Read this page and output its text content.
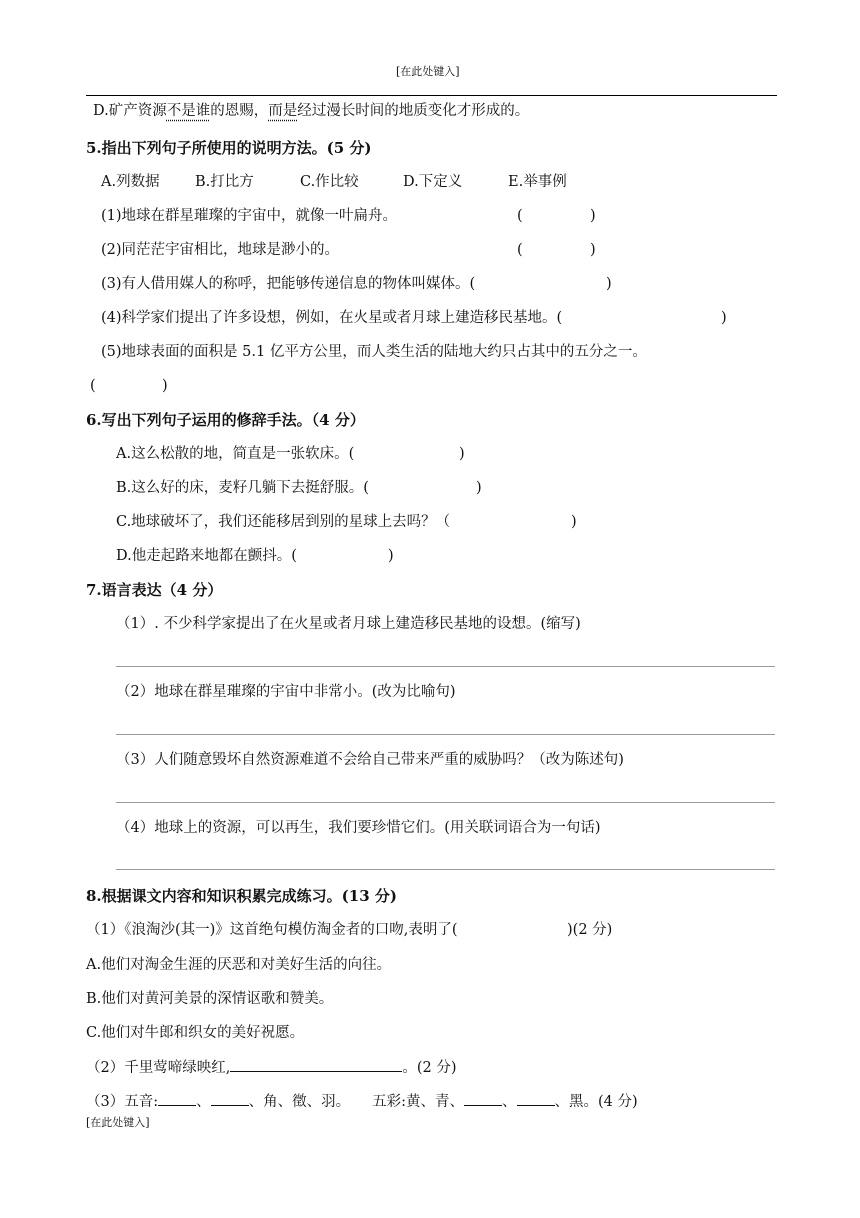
[在此处键入]
D.矿产资源不是谁的恩赐，而是经过漫长时间的地质变化才形成的。
5.指出下列句子所使用的说明方法。(5 分)
A.列数据 B.打比方	C.作比较	D.下定义	E.举事例
(1)地球在群星璀璨的宇宙中，就像一叶扁舟。	(	)
(2)同茫茫宇宙相比，地球是渺小的。	(	)
(3)有人借用媒人的称呼，把能够传递信息的物体叫媒体。(	)
(4)科学家们提出了许多设想，例如，在火星或者月球上建造移民基地。(	)
(5)地球表面的面积是 5.1 亿平方公里，而人类生活的陆地大约只占其中的五分之一。
(	)
6.写出下列句子运用的修辞手法。（4 分）
A.这么松散的地，简直是一张软床。(	)
B.这么好的床，麦籽几躺下去挺舒服。(	)
C.地球破坏了，我们还能移居到别的星球上去吗？（	)
D.他走起路来地都在颤抖。(	)
7.语言表达（4 分）
（1）. 不少科学家提出了在火星或者月球上建造移民基地的设想。(缩写)
（2）地球在群星璀璨的宇宙中非常小。(改为比喻句)
（3）人们随意毁坏自然资源难道不会给自己带来严重的威胁吗？（改为陈述句)
（4）地球上的资源，可以再生，我们要珍惜它们。(用关联词语合为一句话)
8.根据课文内容和知识积累完成练习。(13 分)
（1）《浪淘沙(其一)》这首绝句模仿淘金者的口吻,表明了(	)(2 分)
A.他们对淘金生涯的厌恶和对美好生活的向往。
B.他们对黄河美景的深情讴歌和赞美。
C.他们对牛郎和织女的美好祝愿。
（2）千里莺啼绿映红,	。(2 分)
（3）五音:	、	、角、徵、羽。 五彩:黄、青、	、	、黑。(4 分)
[在此处键入]
